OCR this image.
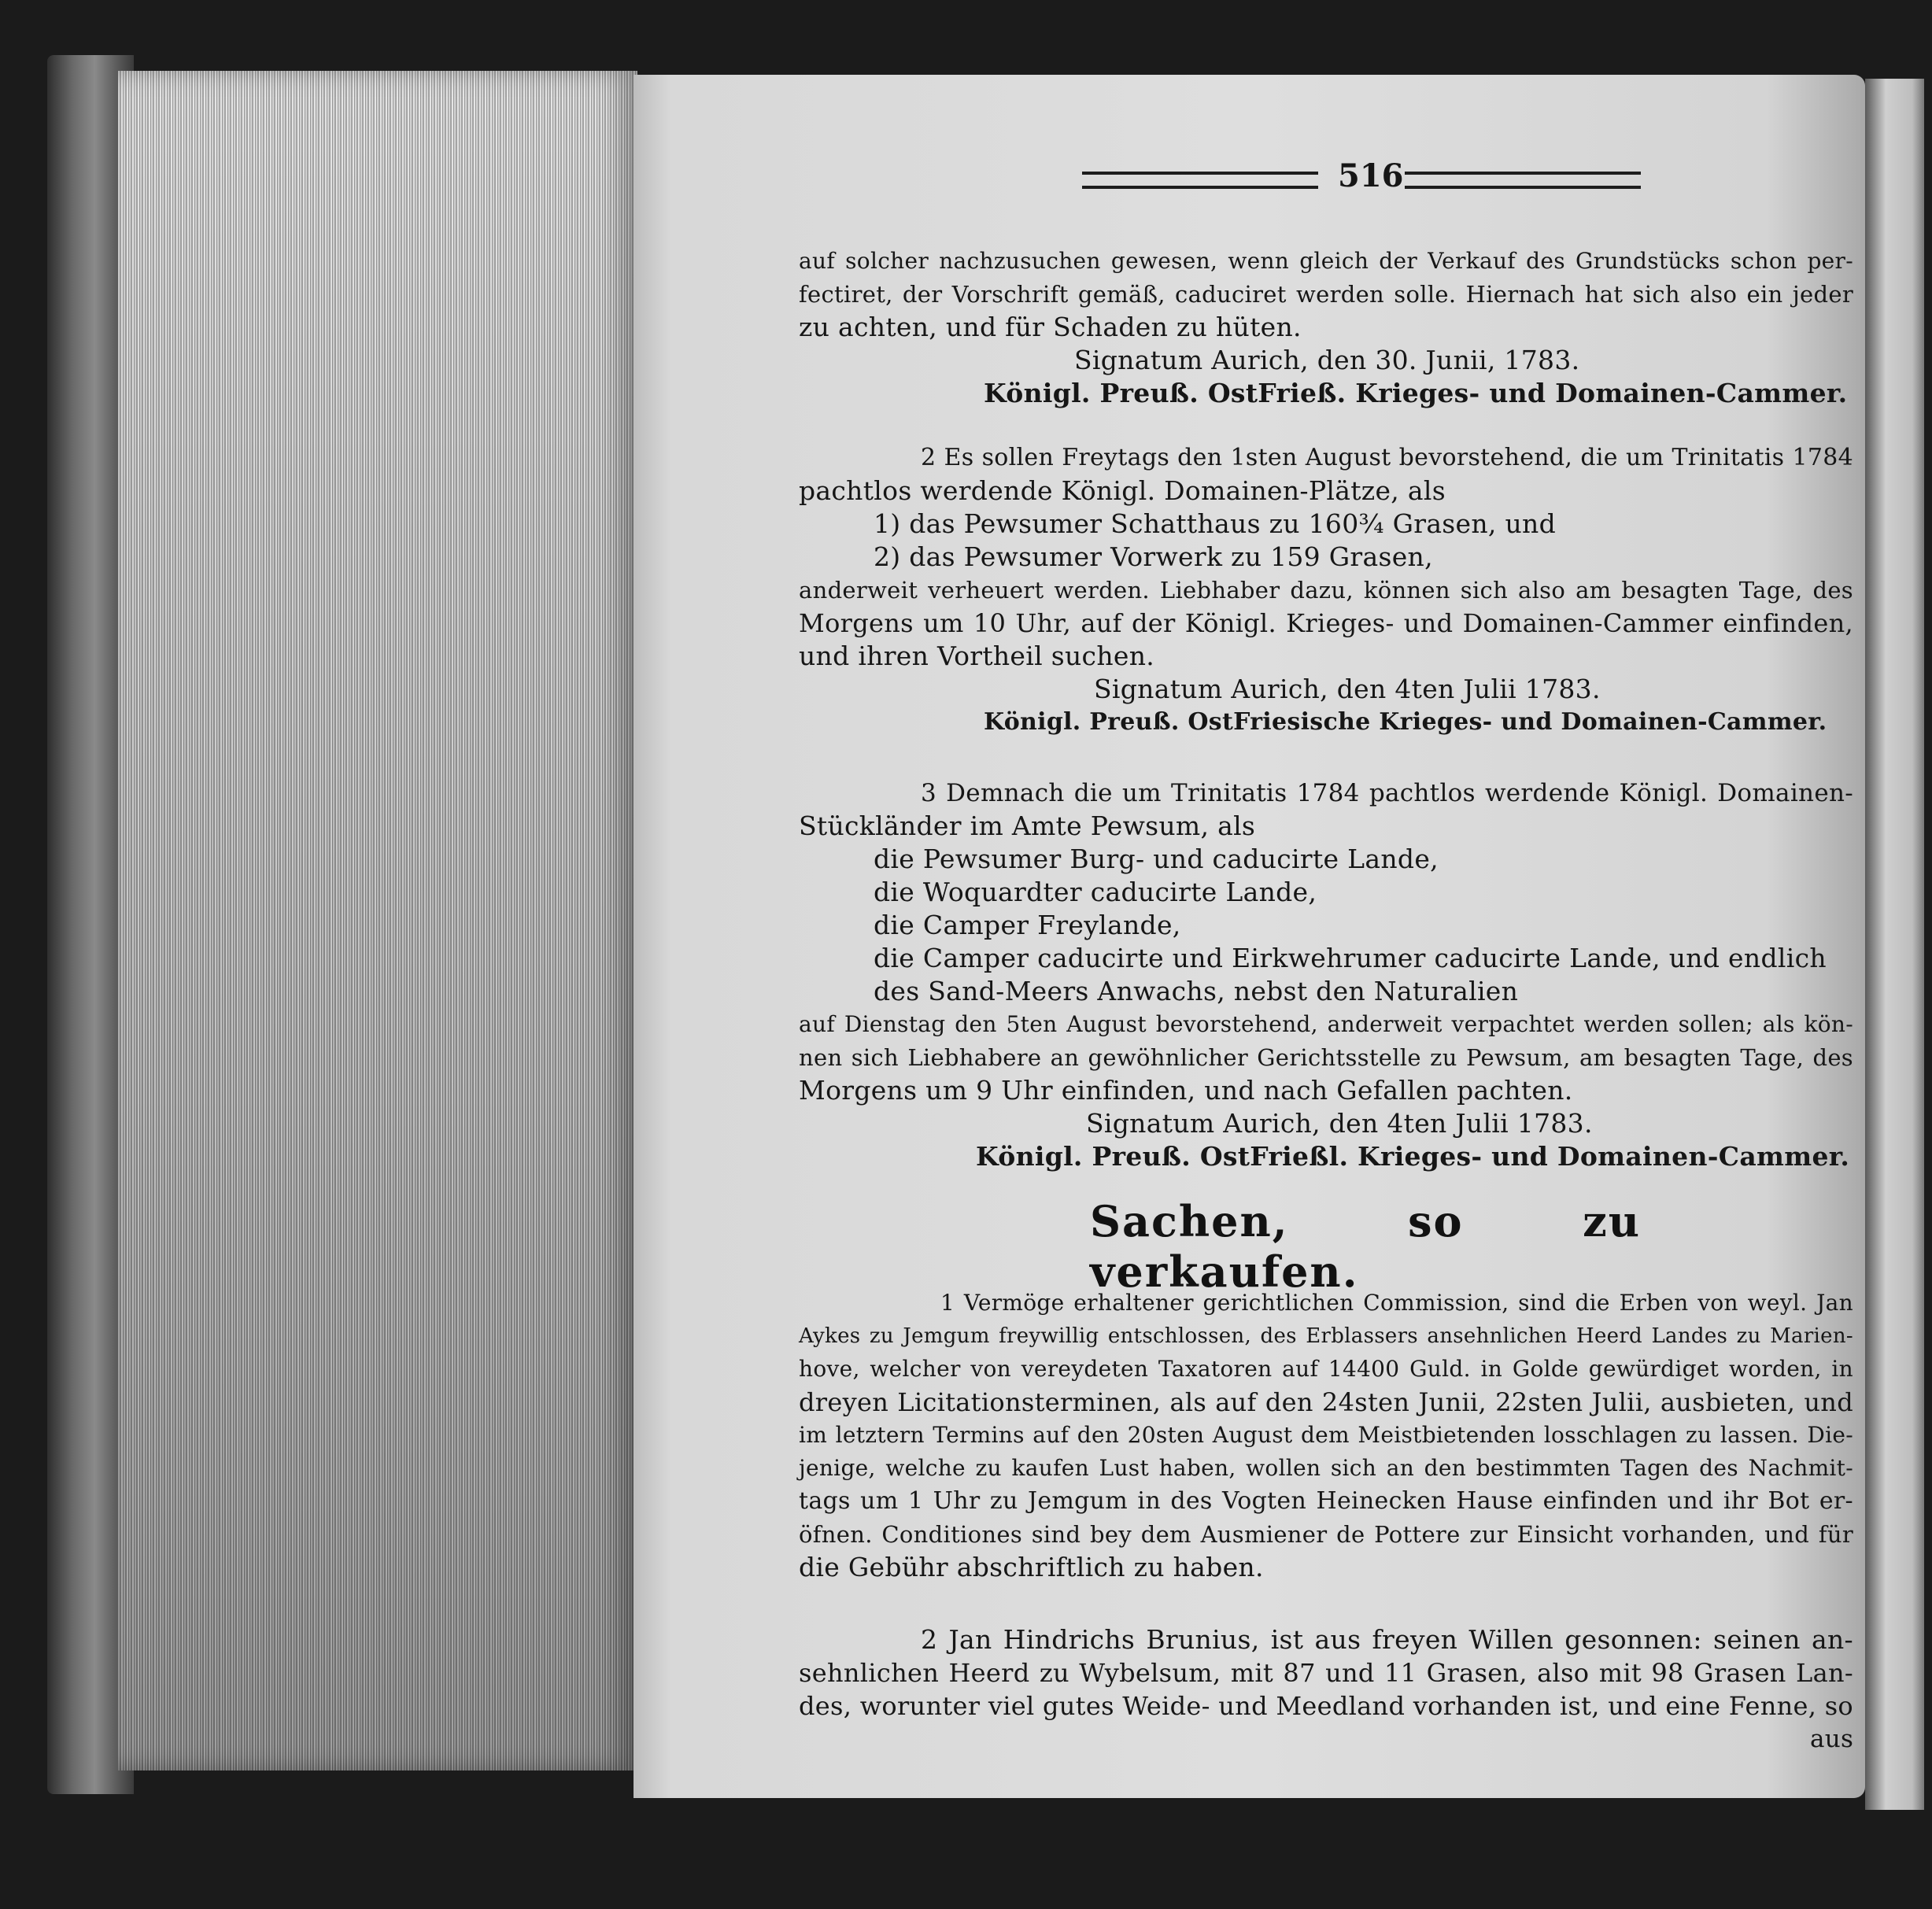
516
auf solcher nachzusuchen gewesen, wenn gleich der Verkauf des Grundstücks schon per-
fectiret, der Vorschrift gemäß, caduciret werden solle. Hiernach hat sich also ein jeder
zu achten, und für Schaden zu hüten.
Signatum Aurich, den 30. Junii, 1783.
Königl. Preuß. OstFrieß. Krieges- und Domainen-Cammer.
2 Es sollen Freytags den 1sten August bevorstehend, die um Trinitatis 1784
pachtlos werdende Königl. Domainen-Plätze, als
1) das Pewsumer Schatthaus zu 160¾ Grasen, und
2) das Pewsumer Vorwerk zu 159 Grasen,
anderweit verheuert werden. Liebhaber dazu, können sich also am besagten Tage, des
Morgens um 10 Uhr, auf der Königl. Krieges- und Domainen-Cammer einfinden,
und ihren Vortheil suchen.
Signatum Aurich, den 4ten Julii 1783.
Königl. Preuß. OstFriesische Krieges- und Domainen-Cammer.
3 Demnach die um Trinitatis 1784 pachtlos werdende Königl. Domainen-
Stückländer im Amte Pewsum, als
die Pewsumer Burg- und caducirte Lande,
die Woquardter caducirte Lande,
die Camper Freylande,
die Camper caducirte und Eirkwehrumer caducirte Lande, und endlich
des Sand-Meers Anwachs, nebst den Naturalien
auf Dienstag den 5ten August bevorstehend, anderweit verpachtet werden sollen; als kön-
nen sich Liebhabere an gewöhnlicher Gerichtsstelle zu Pewsum, am besagten Tage, des
Morgens um 9 Uhr einfinden, und nach Gefallen pachten.
Signatum Aurich, den 4ten Julii 1783.
Königl. Preuß. OstFrießl. Krieges- und Domainen-Cammer.
1 Vermöge erhaltener gerichtlichen Commission, sind die Erben von weyl. Jan
Aykes zu Jemgum freywillig entschlossen, des Erblassers ansehnlichen Heerd Landes zu Marien-
hove, welcher von vereydeten Taxatoren auf 14400 Guld. in Golde gewürdiget worden, in
dreyen Licitationsterminen, als auf den 24sten Junii, 22sten Julii, ausbieten, und
im letztern Termins auf den 20sten August dem Meistbietenden losschlagen zu lassen. Die-
jenige, welche zu kaufen Lust haben, wollen sich an den bestimmten Tagen des Nachmit-
tags um 1 Uhr zu Jemgum in des Vogten Heinecken Hause einfinden und ihr Bot er-
öfnen. Conditiones sind bey dem Ausmiener de Pottere zur Einsicht vorhanden, und für
die Gebühr abschriftlich zu haben.
2 Jan Hindrichs Brunius, ist aus freyen Willen gesonnen: seinen an-
sehnlichen Heerd zu Wybelsum, mit 87 und 11 Grasen, also mit 98 Grasen Lan-
des, worunter viel gutes Weide- und Meedland vorhanden ist, und eine Fenne, so
aus
Sachen, so zu verkaufen.
